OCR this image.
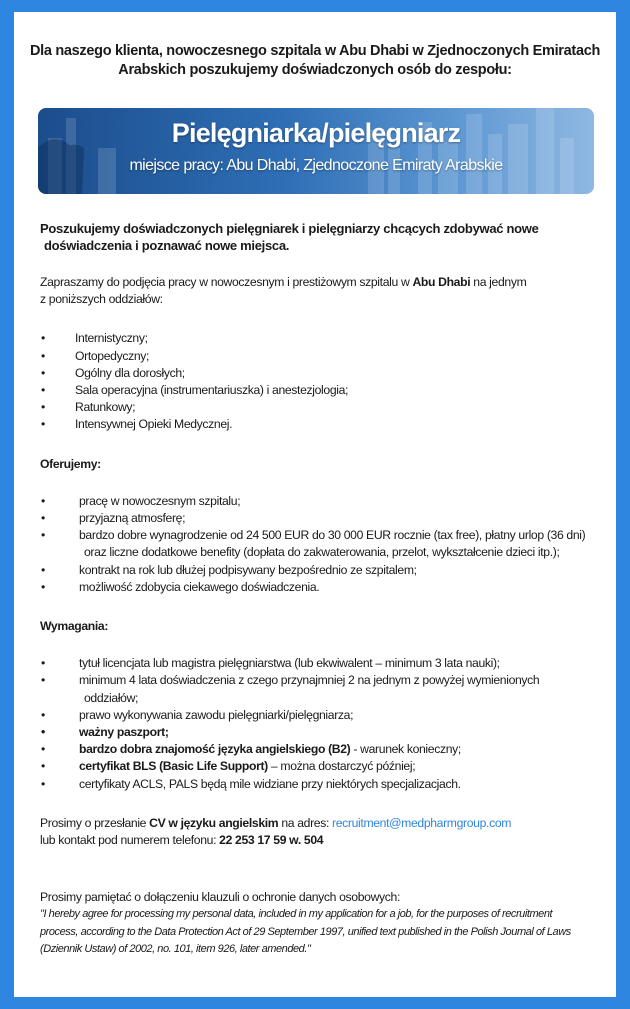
Dla naszego klienta, nowoczesnego szpitala w Abu Dhabi w Zjednoczonych Emiratach
Arabskich poszukujemy doświadczonych osób do zespołu:
Pielęgniarka/pielęgniarz
miejsce pracy: Abu Dhabi, Zjednoczone Emiraty Arabskie
Poszukujemy doświadczonych pielęgniarek i pielęgniarzy chcących zdobywać nowe
doświadczenia i poznawać nowe miejsca.

Zapraszamy do podjęcia pracy w nowoczesnym i prestiżowym szpitalu w Abu Dhabi na jednym
z poniższych oddziałów:

• Internistyczny;
• Ortopedyczny;
• Ogólny dla dorosłych;
• Sala operacyjna (instrumentariuszka) i anestezjologia;
• Ratunkowy;
• Intensywnej Opieki Medycznej.

Oferujemy:

• pracę w nowoczesnym szpitalu;
• przyjazną atmosferę;
• bardzo dobre wynagrodzenie od 24 500 EUR do 30 000 EUR rocznie (tax free), płatny urlop (36 dni)
oraz liczne dodatkowe benefity (dopłata do zakwaterowania, przelot, wykształcenie dzieci itp.);
• kontrakt na rok lub dłużej podpisywany bezpośrednio ze szpitalem;
• możliwość zdobycia ciekawego doświadczenia.

Wymagania:

• tytuł licencjata lub magistra pielęgniarstwa (lub ekwiwalent – minimum 3 lata nauki);
• minimum 4 lata doświadczenia z czego przynajmniej 2 na jednym z powyżej wymienionych
oddziałów;
• prawo wykonywania zawodu pielęgniarki/pielęgniarza;
• ważny paszport;
• bardzo dobra znajomość języka angielskiego (B2) - warunek konieczny;
• certyfikat BLS (Basic Life Support) – można dostarczyć później;
• certyfikaty ACLS, PALS będą mile widziane przy niektórych specjalizacjach.

Prosimy o przesłanie CV w języku angielskim na adres: recruitment@medpharmgroup.com
lub kontakt pod numerem telefonu: 22 253 17 59 w. 504

Prosimy pamiętać o dołączeniu klauzuli o ochronie danych osobowych:

"I hereby agree for processing my personal data, included in my application for a job, for the purposes of recruitment
process, according to the Data Protection Act of 29 September 1997, unified text published in the Polish Journal of Laws
(Dziennik Ustaw) of 2002, no. 101, item 926, later amended."
